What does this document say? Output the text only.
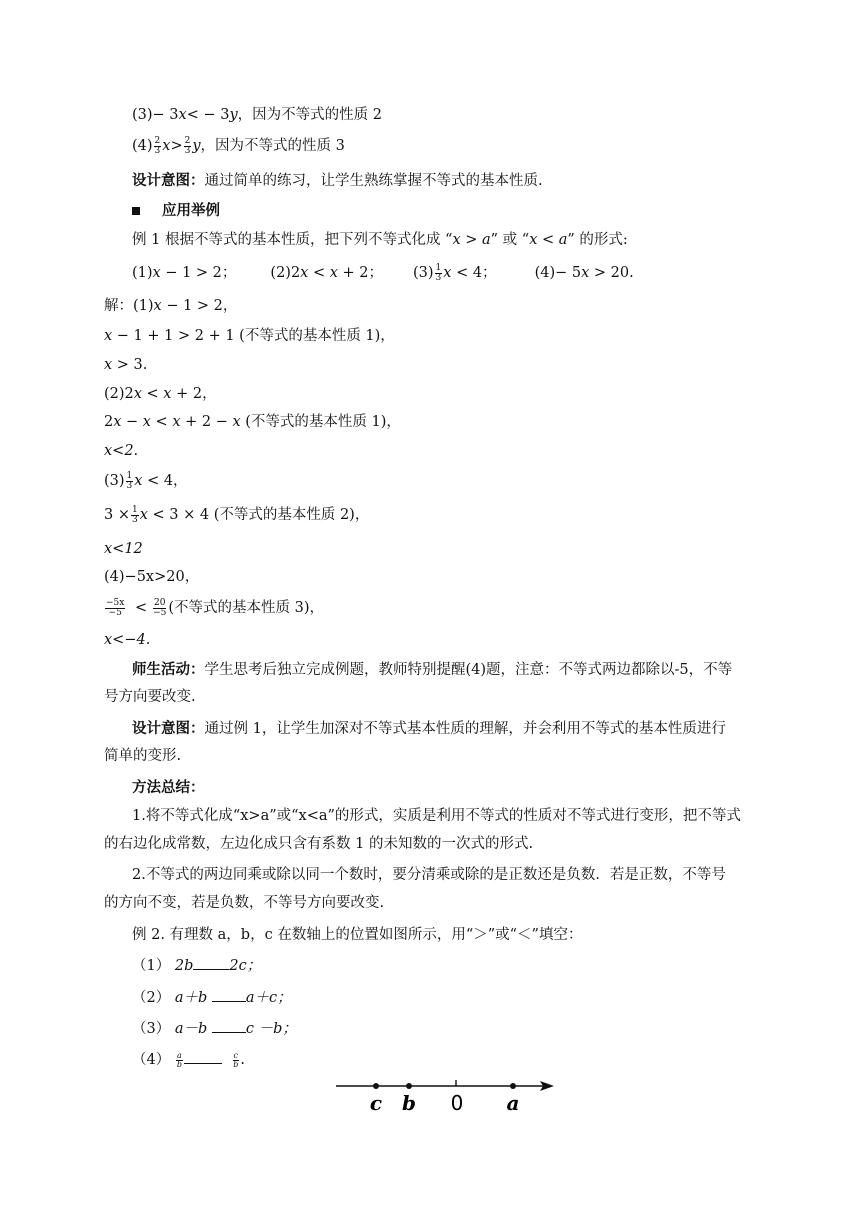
(3)− 3𝑥< − 3𝑦，因为不等式的性质 2
$(4) \frac{2}{3}$ 𝑥> $\frac{2}{3}$ 𝑦，因为不等式的性质 3
设计意图：通过简单的练习，让学生熟练掌握不等式的基本性质.
应用举例
例 1 根据不等式的基本性质，把下列不等式化成 “𝑥 > 𝑎” 或 “𝑥 < 𝑎” 的形式:
(1)𝑥 − 1 > 2； (2)2𝑥 < 𝑥 + 2； $(3) \frac{1}{3}$ 𝑥 < 4；	(4)− 5𝑥 > 20.
解：(1)𝑥 − 1 > 2，
𝑥 − 1 + 1 > 2 + 1 (不等式的基本性质 1)，
𝑥 > 3.
(2)2𝑥 < 𝑥 + 2，
2𝑥 − 𝑥 < 𝑥 + 2 − 𝑥 (不等式的基本性质 1)，
x<2.
$(3) \frac{1}{3}$ 𝑥 < 4，
$3 \times \frac{1}{3}$ 𝑥 < 3 × 4 (不等式的基本性质 2)，
x<12
(4)−5x>20，
$\frac{-5x}{-5} < \frac{20}{-5}$ (不等式的基本性质 3)，
x<−4.
师生活动：学生思考后独立完成例题，教师特别提醒(4)题，注意：不等式两边都除以-5，不等
号方向要改变.
设计意图：通过例 1，让学生加深对不等式基本性质的理解，并会利用不等式的基本性质进行
简单的变形.
方法总结：
1.将不等式化成“x>a”或“x<a”的形式，实质是利用不等式的性质对不等式进行变形，把不等式
的右边化成常数，左边化成只含有系数 1 的未知数的一次式的形式.
2.不等式的两边同乘或除以同一个数时，要分清乘或除的是正数还是负数．若是正数，不等号
的方向不变，若是负数，不等号方向要改变.
例 2. 有理数 a，b，c 在数轴上的位置如图所示，用“＞”或“＜”填空：
（1） 2b 2c；
（2） a＋b	a＋c；
（3） a－b	c －b；
$(4) \frac{a}{b}$
	$\frac{c}{b}$ .
c b 0 a
